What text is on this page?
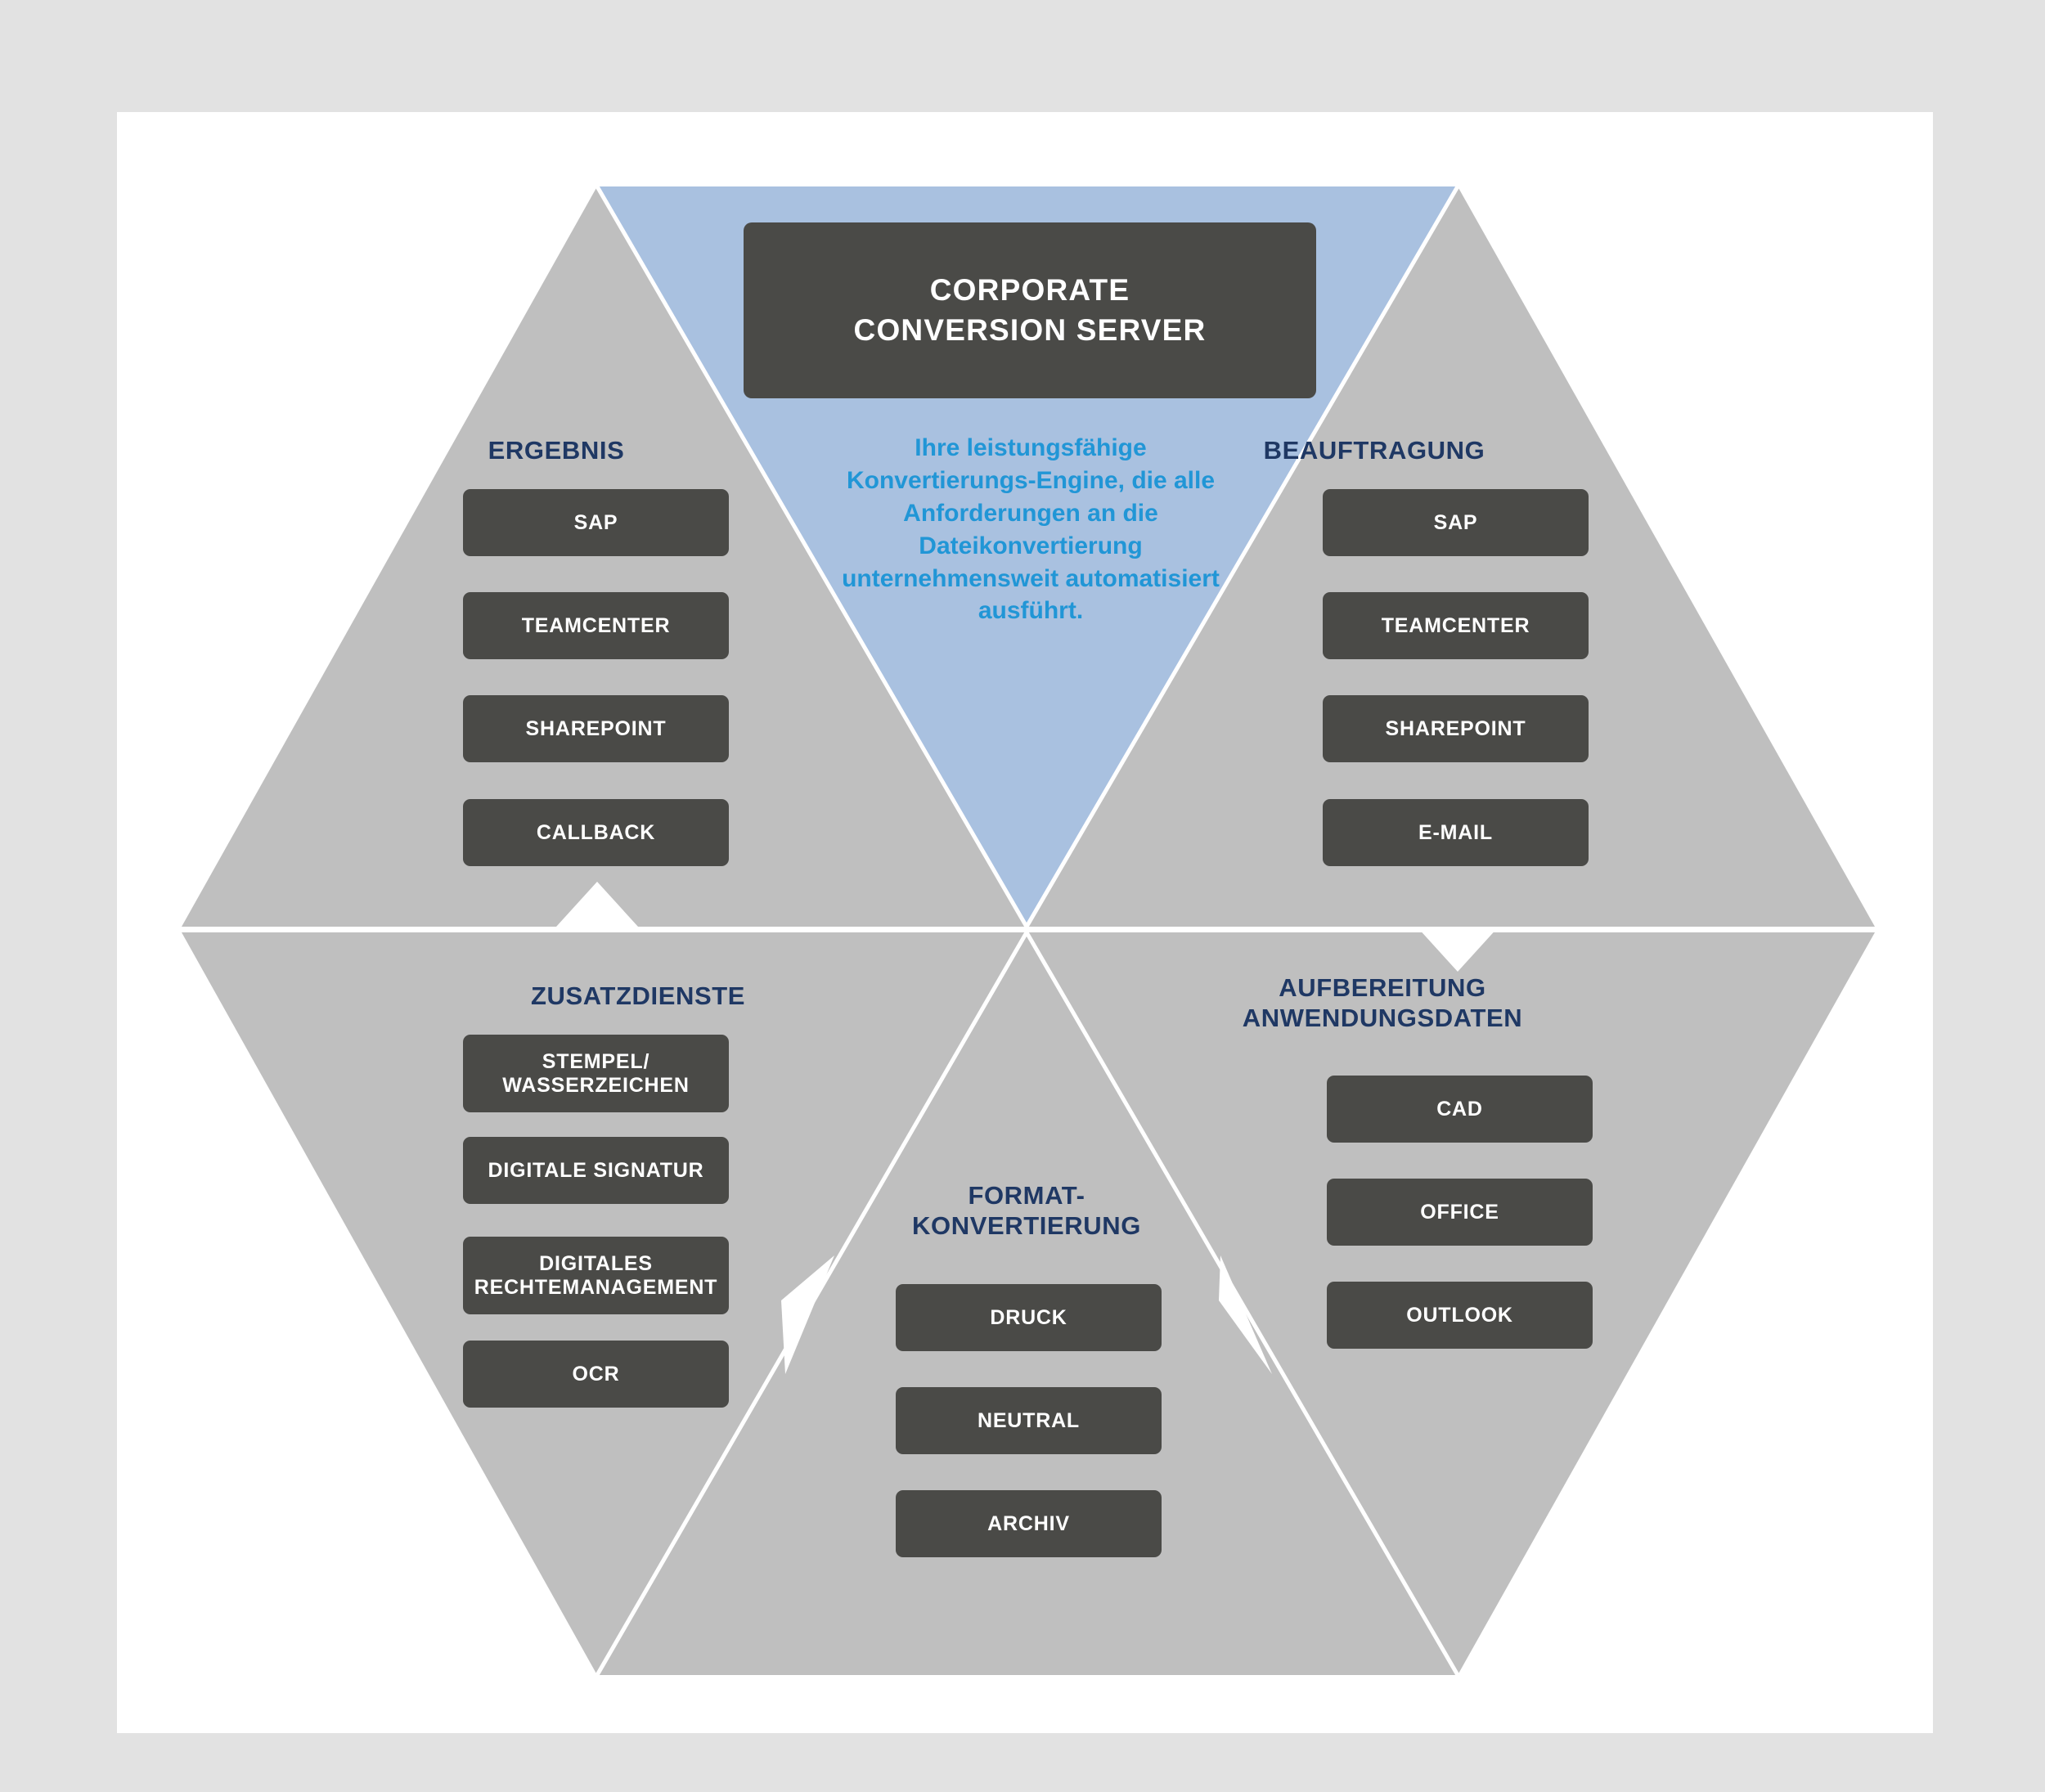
CORPORATE
CONVERSION SERVER
Ihre leistungsfähige Konvertierungs-Engine, die alle Anforderungen an die Dateikonvertierung unternehmensweit automatisiert ausführt.
ERGEBNIS
SAP
TEAMCENTER
SHAREPOINT
CALLBACK
BEAUFTRAGUNG
SAP
TEAMCENTER
SHAREPOINT
E-MAIL
AUFBEREITUNG
ANWENDUNGSDATEN
CAD
OFFICE
OUTLOOK
FORMAT-
KONVERTIERUNG
DRUCK
NEUTRAL
ARCHIV
ZUSATZDIENSTE
STEMPEL/ WASSERZEICHEN
DIGITALE SIGNATUR
DIGITALES RECHTEMANAGEMENT
OCR
